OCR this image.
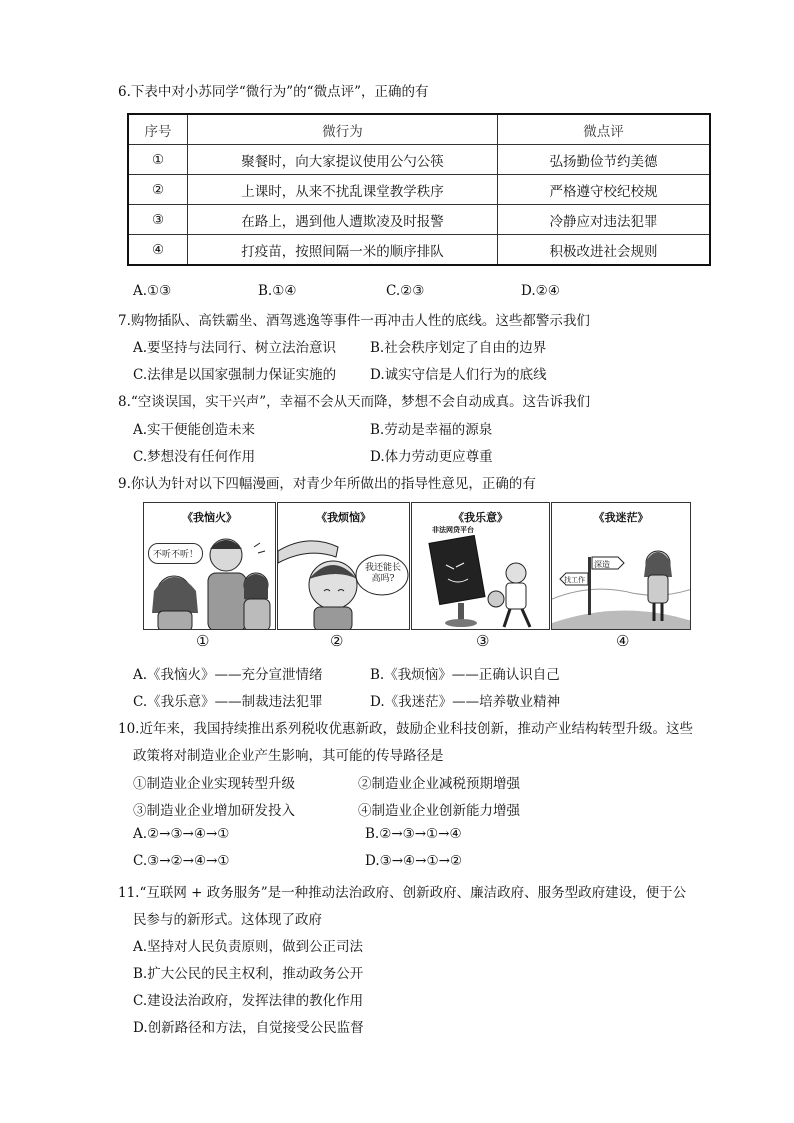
6.下表中对小苏同学“微行为”的“微点评”，正确的有
序号	微行为	微点评
①	聚餐时，向大家提议使用公勺公筷	弘扬勤俭节约美德
②	上课时，从来不扰乱课堂教学秩序	严格遵守校纪校规
③	在路上，遇到他人遭欺凌及时报警	冷静应对违法犯罪
④	打疫苗，按照间隔一米的顺序排队	积极改进社会规则
A.①③	B.①④	C.②③	D.②④
7.购物插队、高铁霸坐、酒驾逃逸等事件一再冲击人性的底线。这些都警示我们
A.要坚持与法同行、树立法治意识	B.社会秩序划定了自由的边界
C.法律是以国家强制力保证实施的	D.诚实守信是人们行为的底线
8.“空谈误国，实干兴声”，幸福不会从天而降，梦想不会自动成真。这告诉我们
A.实干便能创造未来	B.劳动是幸福的源泉
C.梦想没有任何作用	D.体力劳动更应尊重
9.你认为针对以下四幅漫画，对青少年所做出的指导性意见，正确的有
《我恼火》
不听不听！
《我烦恼》
我还能长高吗?
《我乐意》
非法网贷平台
《我迷茫》
深造
找工作
①	②	③	④
A.《我恼火》——充分宣泄情绪	B.《我烦恼》——正确认识自己
C.《我乐意》——制裁违法犯罪	D.《我迷茫》——培养敬业精神
10.近年来，我国持续推出系列税收优惠新政，鼓励企业科技创新，推动产业结构转型升级。这些
政策将对制造业企业产生影响，其可能的传导路径是
①制造业企业实现转型升级	②制造业企业减税预期增强
③制造业企业增加研发投入	④制造业企业创新能力增强
A.②→③→④→①	B.②→③→①→④
C.③→②→④→①	D.③→④→①→②
11.“互联网 + 政务服务”是一种推动法治政府、创新政府、廉洁政府、服务型政府建设，便于公
民参与的新形式。这体现了政府
A.坚持对人民负责原则，做到公正司法
B.扩大公民的民主权利，推动政务公开
C.建设法治政府，发挥法律的教化作用
D.创新路径和方法，自觉接受公民监督
